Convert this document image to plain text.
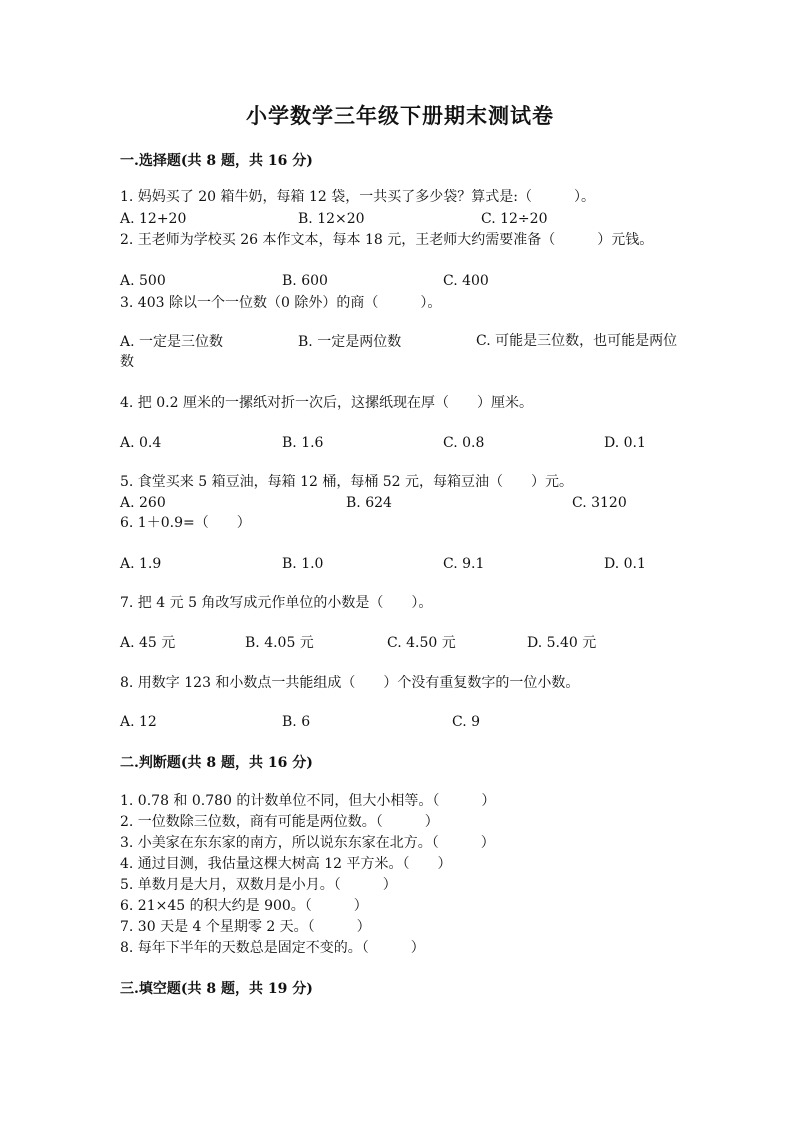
小学数学三年级下册期末测试卷
一.选择题(共 8 题，共 16 分)
1. 妈妈买了 20 箱牛奶，每箱 12 袋，一共买了多少袋？算式是:（　　　）。
A. 12+20	B. 12×20	C. 12÷20
2. 王老师为学校买 26 本作文本，每本 18 元，王老师大约需要准备（　　　）元钱。
A. 500	B. 600	C. 400
3. 403 除以一个一位数（0 除外）的商（　　　）。
A. 一定是三位数	B. 一定是两位数	C. 可能是三位数，也可能是两位数
4. 把 0.2 厘米的一摞纸对折一次后，这摞纸现在厚（　　）厘米。
A. 0.4	B. 1.6	C. 0.8	D. 0.1
5. 食堂买来 5 箱豆油，每箱 12 桶，每桶 52 元，每箱豆油（　　）元。
A. 260	B. 624	C. 3120
6. 1＋0.9=（　　）
A. 1.9	B. 1.0	C. 9.1	D. 0.1
7. 把 4 元 5 角改写成元作单位的小数是（　　）。
A. 45 元	B. 4.05 元	C. 4.50 元	D. 5.40 元
8. 用数字 123 和小数点一共能组成（　　）个没有重复数字的一位小数。
A. 12	B. 6	C. 9
二.判断题(共 8 题，共 16 分)
1. 0.78 和 0.780 的计数单位不同，但大小相等。（　　　）
2. 一位数除三位数，商有可能是两位数。（　　　）
3. 小美家在东东家的南方，所以说东东家在北方。（　　　）
4. 通过目测，我估量这棵大树高 12 平方米。（　　）
5. 单数月是大月，双数月是小月。（　　　）
6. 21×45 的积大约是 900。（　　　）
7. 30 天是 4 个星期零 2 天。（　　　）
8. 每年下半年的天数总是固定不变的。（　　　）
三.填空题(共 8 题，共 19 分)
